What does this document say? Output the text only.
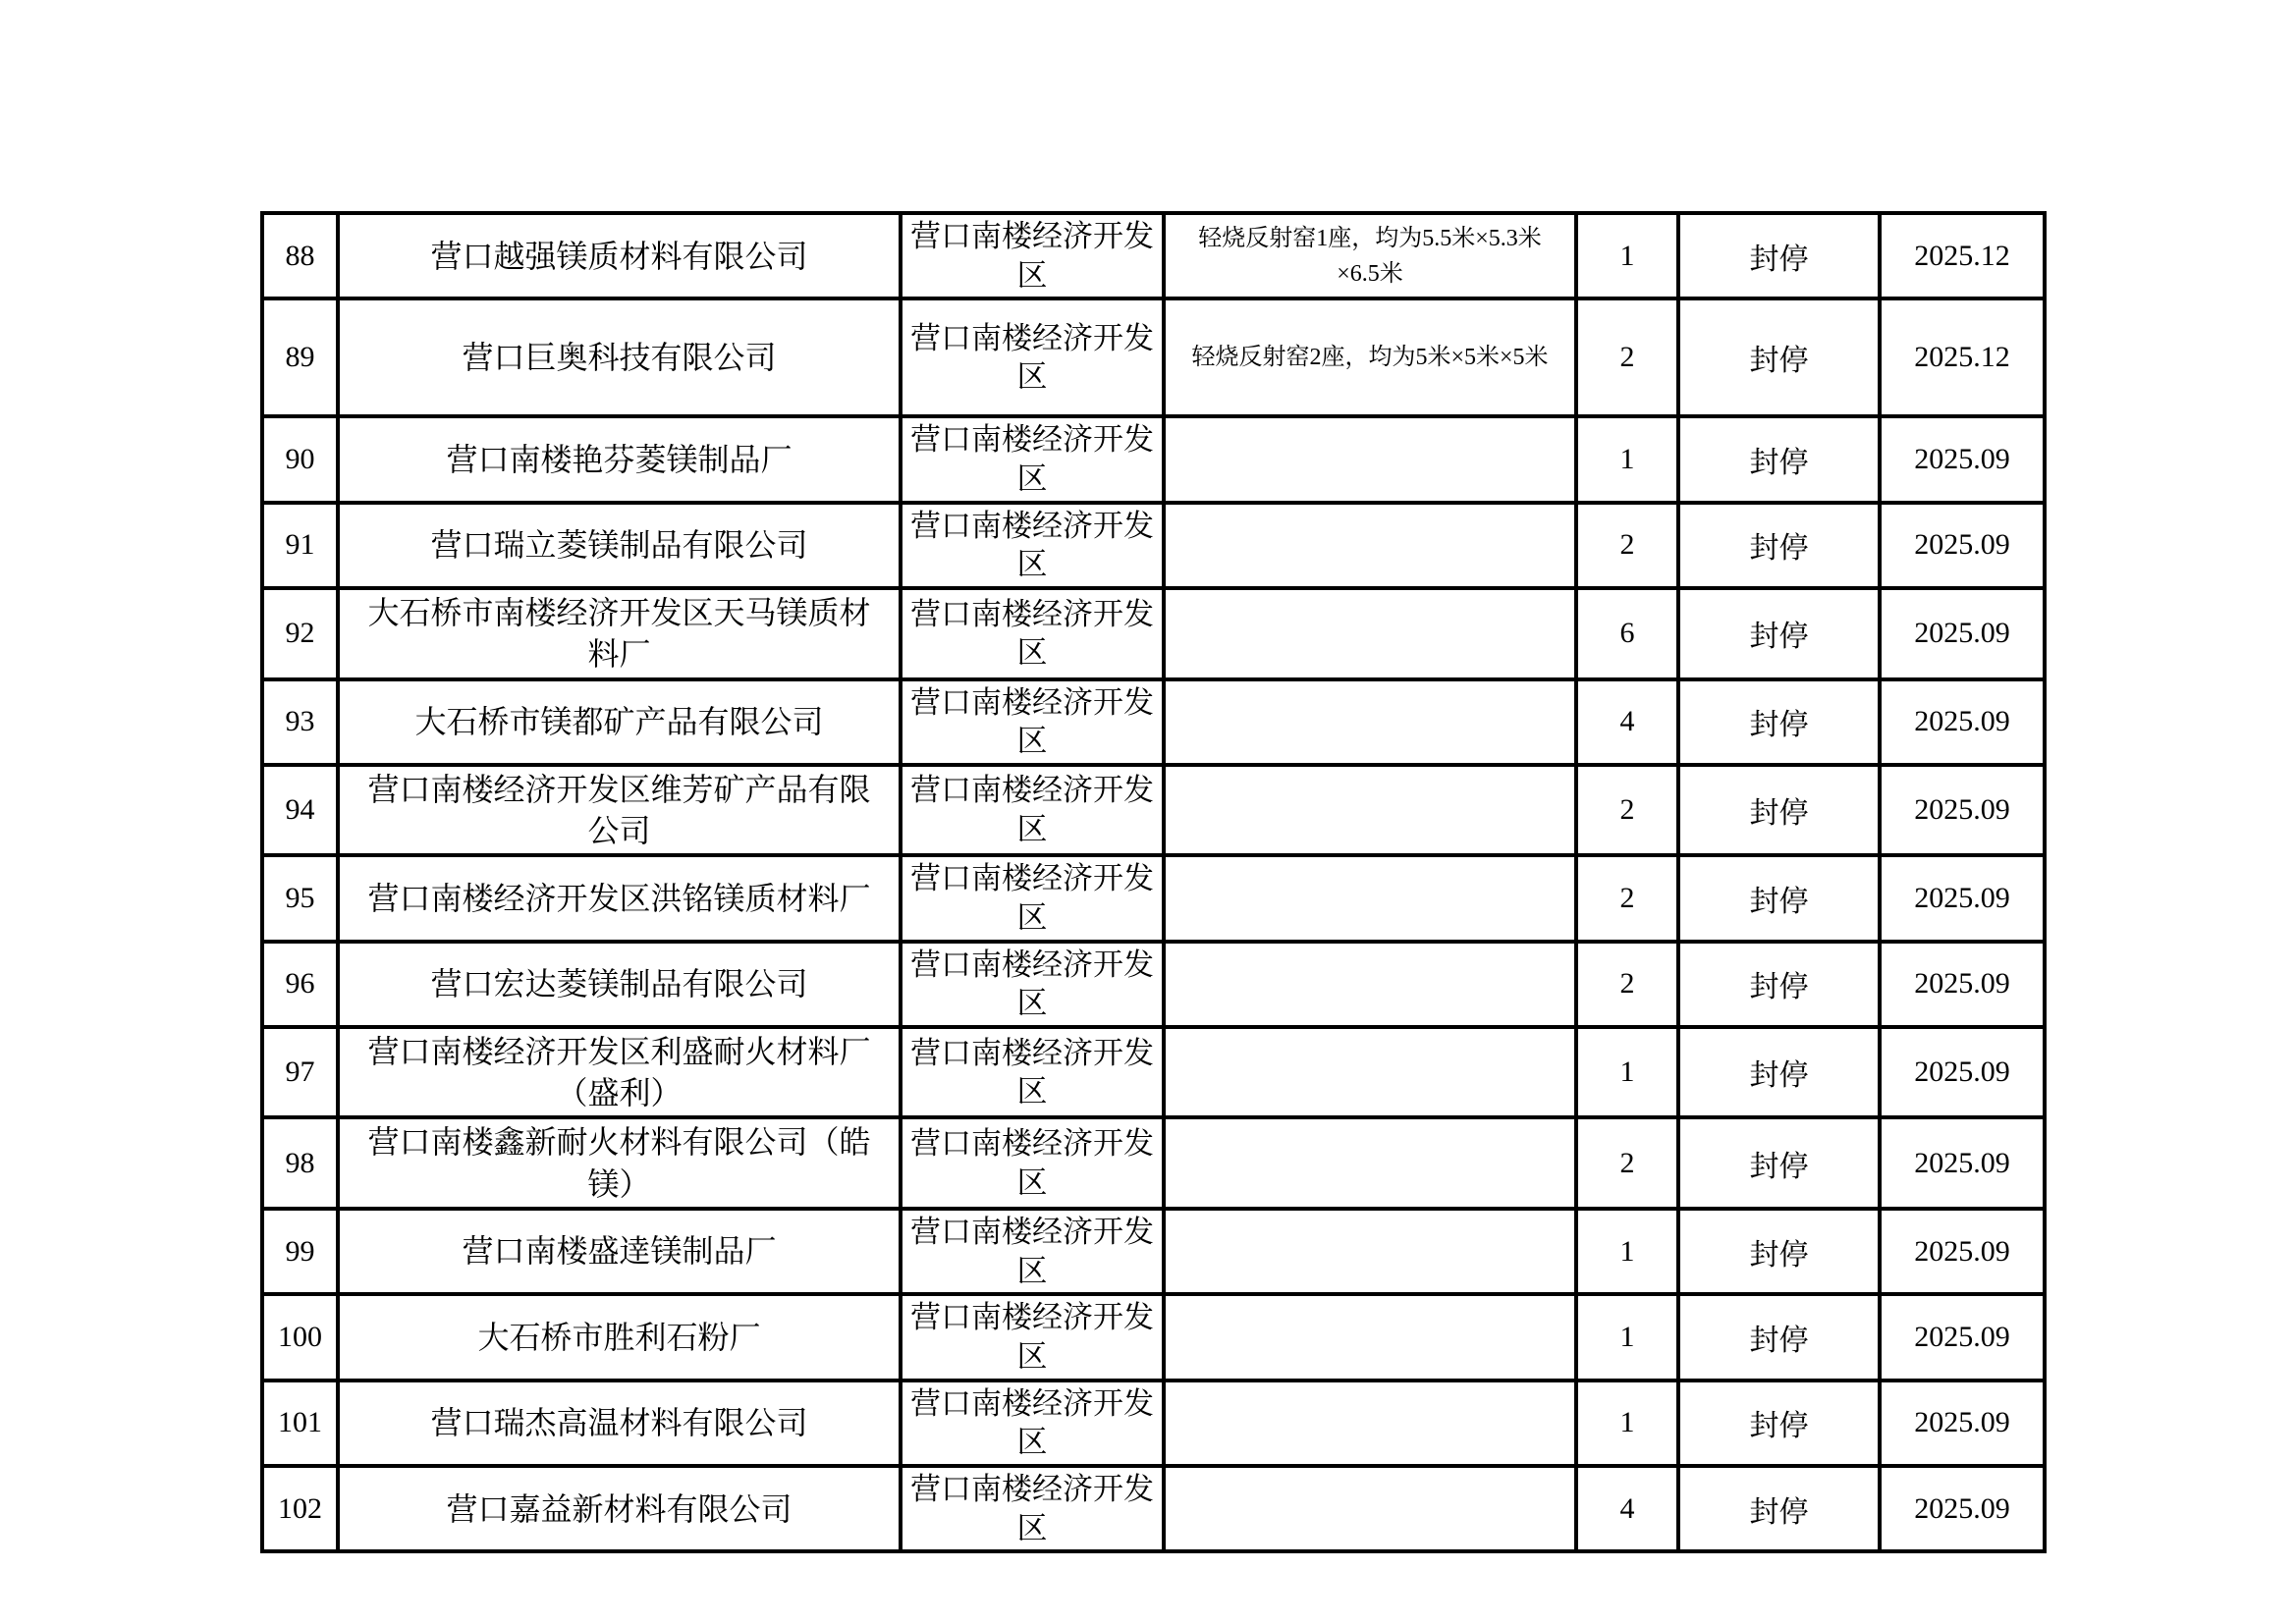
88	营口越强镁质材料有限公司	营口南楼经济开发区	轻烧反射窑1座，均为5.5米×5.3米×6.5米	1	封停	2025.12
89	营口巨奥科技有限公司	营口南楼经济开发区	轻烧反射窑2座，均为5米×5米×5米	2	封停	2025.12
90	营口南楼艳芬菱镁制品厂	营口南楼经济开发区		1	封停	2025.09
91	营口瑞立菱镁制品有限公司	营口南楼经济开发区		2	封停	2025.09
92	大石桥市南楼经济开发区天马镁质材料厂	营口南楼经济开发区		6	封停	2025.09
93	大石桥市镁都矿产品有限公司	营口南楼经济开发区		4	封停	2025.09
94	营口南楼经济开发区维芳矿产品有限公司	营口南楼经济开发区		2	封停	2025.09
95	营口南楼经济开发区洪铭镁质材料厂	营口南楼经济开发区		2	封停	2025.09
96	营口宏达菱镁制品有限公司	营口南楼经济开发区		2	封停	2025.09
97	营口南楼经济开发区利盛耐火材料厂（盛利）	营口南楼经济开发区		1	封停	2025.09
98	营口南楼鑫新耐火材料有限公司（皓镁）	营口南楼经济开发区		2	封停	2025.09
99	营口南楼盛逹镁制品厂	营口南楼经济开发区		1	封停	2025.09
100	大石桥市胜利石粉厂	营口南楼经济开发区		1	封停	2025.09
101	营口瑞杰高温材料有限公司	营口南楼经济开发区		1	封停	2025.09
102	营口嘉益新材料有限公司	营口南楼经济开发区		4	封停	2025.09
